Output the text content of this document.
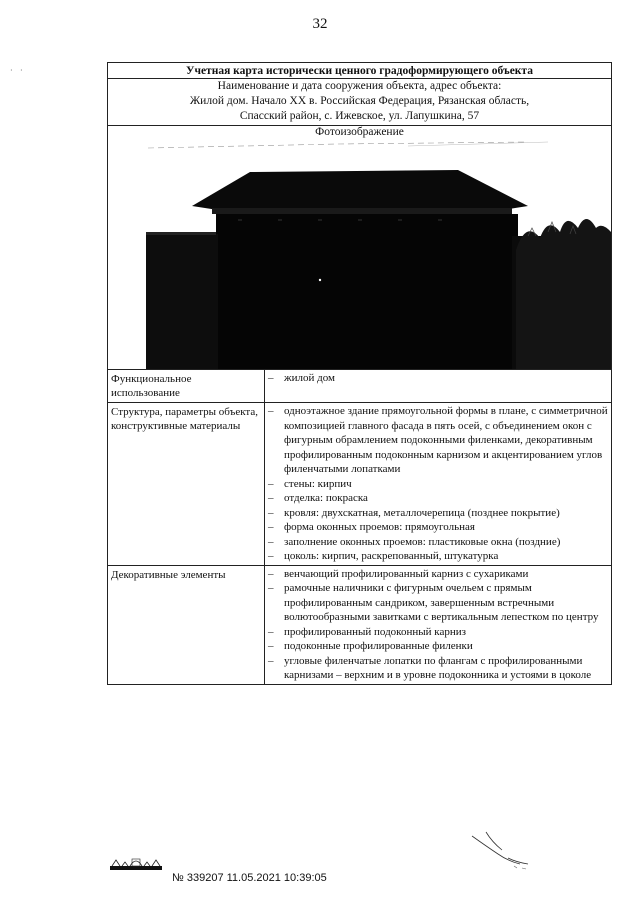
32
· ·	Учетная карта исторически ценного градоформирующего объекта
Наименование и дата сооружения объекта, адрес объекта:
Жилой дом. Начало XX в. Российская Федерация, Рязанская область,
Спасский район, с. Ижевское, ул. Лапушкина, 57
Фотоизображение
Функциональное использование
– жилой дом
Структура, параметры объекта, конструктивные материалы
– одноэтажное здание прямоугольной формы в плане, с симметричной композицией главного фасада в пять осей, с объединением окон с фигурным обрамлением подоконными филенками, декоративным профилированным подоконным карнизом и акцентированием углов филенчатыми лопатками
– стены: кирпич
– отделка: покраска
– кровля: двухскатная, металлочерепица (позднее покрытие)
– форма оконных проемов: прямоугольная
– заполнение оконных проемов: пластиковые окна (поздние)
– цоколь: кирпич, раскрепованный, штукатурка
Декоративные элементы	– венчающий профилированный карниз с сухариками
– рамочные наличники с фигурным очельем с прямым профилированным сандриком, завершенным встречными волютообразными завитками с вертикальным лепестком по центру
– профилированный подоконный карниз
– подоконные профилированные филенки
– угловые филенчатые лопатки по флангам с профилированными карнизами – верхним и в уровне подоконника и устоями в цоколе
№ 339207 11.05.2021 10:39:05
